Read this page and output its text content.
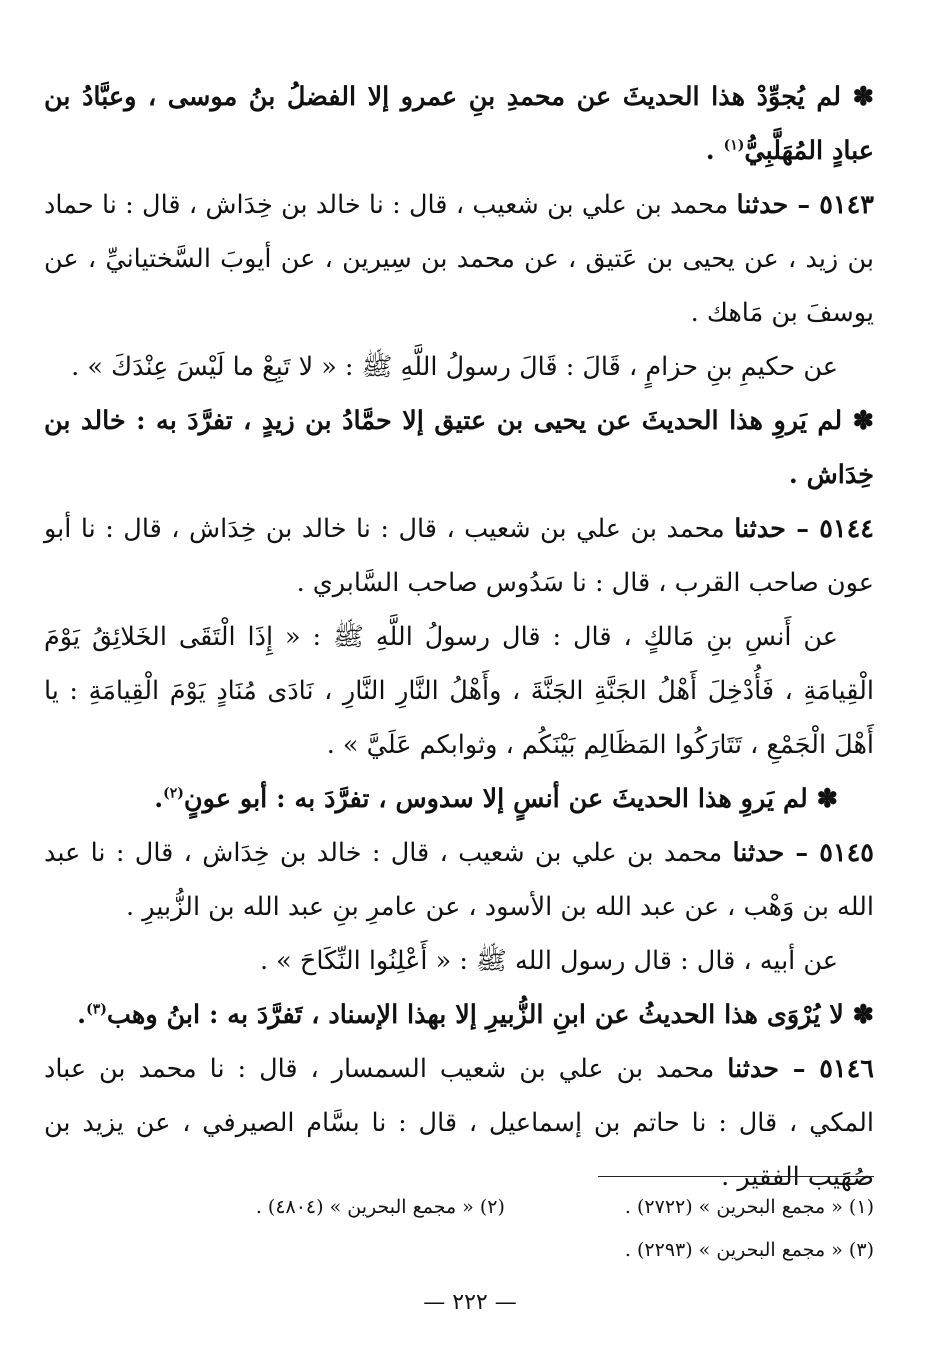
✽ لم يُجوِّدْ هذا الحديثَ عن محمدِ بنِ عمرو إلا الفضلُ بنُ موسى ، وعبَّادُ بن عبادٍ المُهَلَّبِيُّ$^{(١)}$ .

٥١٤٣ – حدثنا محمد بن علي بن شعيب ، قال : نا خالد بن خِدَاش ، قال : نا حماد بن زيد ، عن يحيى بن عَتيق ، عن محمد بن سِيرين ، عن أيوبَ السَّختيانيِّ ، عن يوسفَ بن مَاهك .

عن حكيمِ بنِ حزامٍ ، قَالَ : قَالَ رسولُ اللَّهِ ﷺ : « لا تَبِعْ ما لَيْسَ عِنْدَكَ » .

✽ لم يَروِ هذا الحديثَ عن يحيى بن عتيق إلا حمَّادُ بن زيدٍ ، تفرَّدَ به : خالد بن خِدَاش .

٥١٤٤ – حدثنا محمد بن علي بن شعيب ، قال : نا خالد بن خِدَاش ، قال : نا أبو عون صاحب القرب ، قال : نا سَدُوس صاحب السَّابري .

عن أَنسِ بنِ مَالكٍ ، قال : قال رسولُ اللَّهِ ﷺ : « إِذَا الْتَقَى الخَلائِقُ يَوْمَ الْقِيامَةِ ، فَأُدْخِلَ أَهْلُ الجَنَّةِ الجَنَّةَ ، وأَهْلُ النَّارِ النَّارِ ، نَادَى مُنَادٍ يَوْمَ الْقِيامَةِ : يا أَهْلَ الْجَمْعِ ، تَتَارَكُوا المَظَالِم بَيْنَكُم ، وثوابكم عَلَيَّ » .

✽ لم يَروِ هذا الحديثَ عن أنسٍ إلا سدوس ، تفرَّدَ به : أبو عونٍ$^{(٢)}$.

٥١٤٥ – حدثنا محمد بن علي بن شعيب ، قال : خالد بن خِدَاش ، قال : نا عبد الله بن وَهْب ، عن عبد الله بن الأسود ، عن عامرِ بنِ عبد الله بن الزُّبيرِ .

عن أبيه ، قال : قال رسول الله ﷺ : « أَعْلِنُوا النِّكَاحَ » .

✽ لا يُرْوَى هذا الحديثُ عن ابنِ الزُّبيرِ إلا بهذا الإسناد ، تَفرَّدَ به : ابنُ وهب$^{(٣)}$.

٥١٤٦ – حدثنا محمد بن علي بن شعيب السمسار ، قال : نا محمد بن عباد المكي ، قال : نا حاتم بن إسماعيل ، قال : نا بسَّام الصيرفي ، عن يزيد بن صُهَيب الفقير .

(١) « مجمع البحرين » (٢٧٢٢) .
(٢) « مجمع البحرين » (٤٨٠٤) .
(٣) « مجمع البحرين » (٢٢٩٣) .
— ٢٢٢ —
